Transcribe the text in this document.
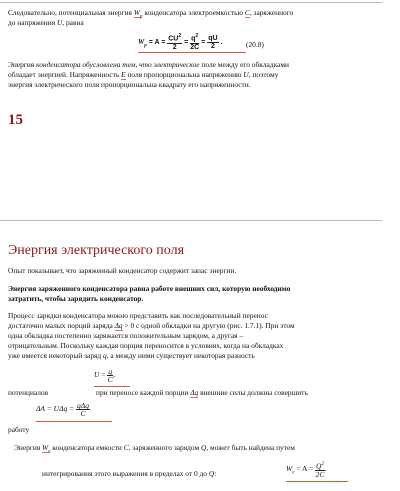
Следовательно, потенциальная энергия $W_p$ конденсатора электроемкостью C, заряженного
до напряжения U, равна
$W_p = A = \frac{CU^2}{2} = \frac{q^2}{2C} = \frac{qU}{2}$ .	(20.8)
Энергия конденсатора обусловлена тем, что электрическое поле между его обкладками
обладает энергией. Напряженность E поля пропорциональна напряжению U, поэтому
энергия электрического поля пропорциональна квадрату его напряженности.
15
Энергия электрического поля
Опыт показывает, что заряженный конденсатор содержит запас энергии.
Энергия заряженного конденсатора равна работе внешних сил, которую необходимо
затратить, чтобы зарядить конденсатор.
Процесс зарядки конденсатора можно представить как последовательный перенос
достаточно малых порций заряда Δq > 0 с одной обкладки на другую (рис. 1.7.1). При этом
одна обкладка постепенно заряжается положительным зарядом, а другая –
отрицательным. Поскольку каждая порция переносится в условиях, когда на обкладках
уже имеется некоторый заряд q, а между ними существует некоторая разность
$U = \frac{q}{C}$ ,
потенциалов	при переносе каждой порции Δq внешние силы должны совершить
$\Delta A = U\Delta q = \frac{\text{qΔq}}{C}$
работу
Энергия $W_e$ конденсатора емкости C, заряженного зарядом Q, может быть найдена путем
интегрирования этого выражения в пределах от 0 до Q:
$W_e = A = \frac{Q^2}{2C}$ .
